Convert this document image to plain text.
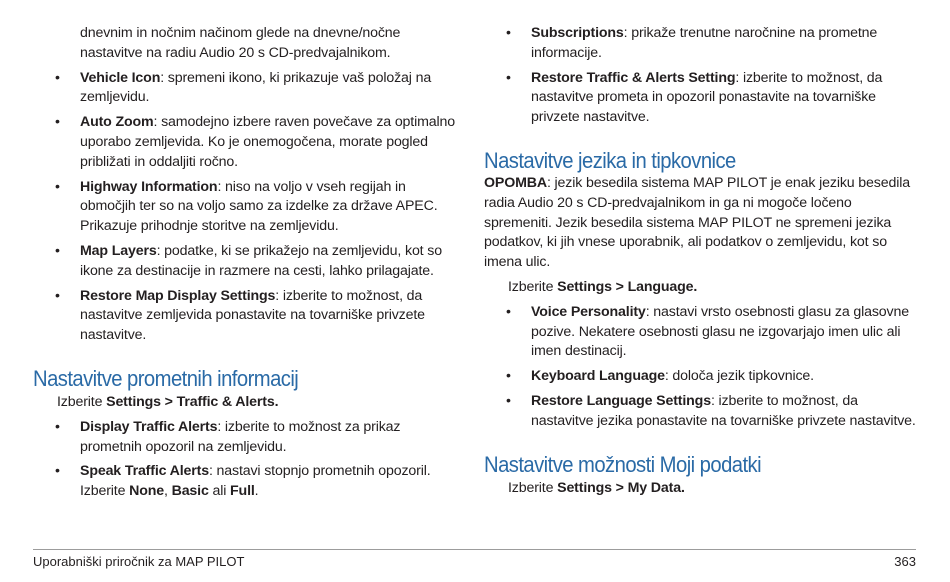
dnevnim in nočnim načinom glede na dnevne/nočne nastavitve na radiu Audio 20 s CD-predvajalnikom.

• Vehicle Icon: spremeni ikono, ki prikazuje vaš položaj na zemljevidu.
• Auto Zoom: samodejno izbere raven povečave za optimalno uporabo zemljevida. Ko je onemogočena, morate pogled približati in oddaljiti ročno.
• Highway Information: niso na voljo v vseh regijah in območjih ter so na voljo samo za izdelke za države APEC. Prikazuje prihodnje storitve na zemljevidu.
• Map Layers: podatke, ki se prikažejo na zemljevidu, kot so ikone za destinacije in razmere na cesti, lahko prilagajate.
• Restore Map Display Settings: izberite to možnost, da nastavitve zemljevida ponastavite na tovarniške privzete nastavitve.
Nastavitve prometnih informacij

Izberite Settings > Traffic & Alerts.

• Display Traffic Alerts: izberite to možnost za prikaz prometnih opozoril na zemljevidu.
• Speak Traffic Alerts: nastavi stopnjo prometnih opozoril. Izberite None, Basic ali Full.
• Subscriptions: prikaže trenutne naročnine na prometne informacije.
• Restore Traffic & Alerts Setting: izberite to možnost, da nastavitve prometa in opozoril ponastavite na tovarniške privzete nastavitve.
Nastavitve jezika in tipkovnice

OPOMBA: jezik besedila sistema MAP PILOT je enak jeziku besedila radia Audio 20 s CD-predvajalnikom in ga ni mogoče ločeno spremeniti. Jezik besedila sistema MAP PILOT ne spremeni jezika podatkov, ki jih vnese uporabnik, ali podatkov o zemljevidu, kot so imena ulic.

Izberite Settings > Language.

• Voice Personality: nastavi vrsto osebnosti glasu za glasovne pozive. Nekatere osebnosti glasu ne izgovarjajo imen ulic ali imen destinacij.
• Keyboard Language: določa jezik tipkovnice.
• Restore Language Settings: izberite to možnost, da nastavitve jezika ponastavite na tovarniške privzete nastavitve.
Nastavitve možnosti Moji podatki

Izberite Settings > My Data.

Uporabniški priročnik za MAP PILOT	363
